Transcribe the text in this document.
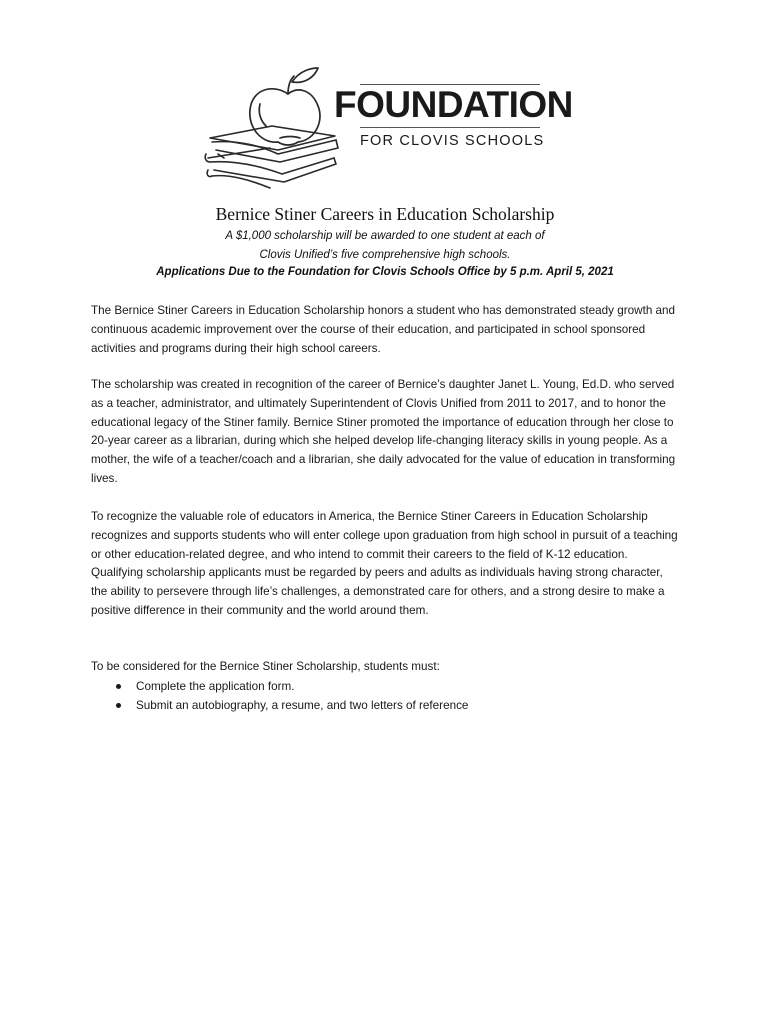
FOUNDATION
FOR CLOVIS SCHOOLS
Bernice Stiner Careers in Education Scholarship
A $1,000 scholarship will be awarded to one student at each of
Clovis Unified’s five comprehensive high schools.
Applications Due to the Foundation for Clovis Schools Office by 5 p.m. April 5, 2021

The Bernice Stiner Careers in Education Scholarship honors a student who has demonstrated steady growth and continuous academic improvement over the course of their education, and participated in school sponsored activities and programs during their high school careers.

The scholarship was created in recognition of the career of Bernice’s daughter Janet L. Young, Ed.D. who served as a teacher, administrator, and ultimately Superintendent of Clovis Unified from 2011 to 2017, and to honor the educational legacy of the Stiner family. Bernice Stiner promoted the importance of education through her close to 20-year career as a librarian, during which she helped develop life-changing literacy skills in young people. As a mother, the wife of a teacher/coach and a librarian, she daily advocated for the value of education in transforming lives.

To recognize the valuable role of educators in America, the Bernice Stiner Careers in Education Scholarship recognizes and supports students who will enter college upon graduation from high school in pursuit of a teaching or other education-related degree, and who intend to commit their careers to the field of K-12 education. Qualifying scholarship applicants must be regarded by peers and adults as individuals having strong character, the ability to persevere through life’s challenges, a demonstrated care for others, and a strong desire to make a positive difference in their community and the world around them.

To be considered for the Bernice Stiner Scholarship, students must:

Complete the application form.
Submit an autobiography, a resume, and two letters of reference
